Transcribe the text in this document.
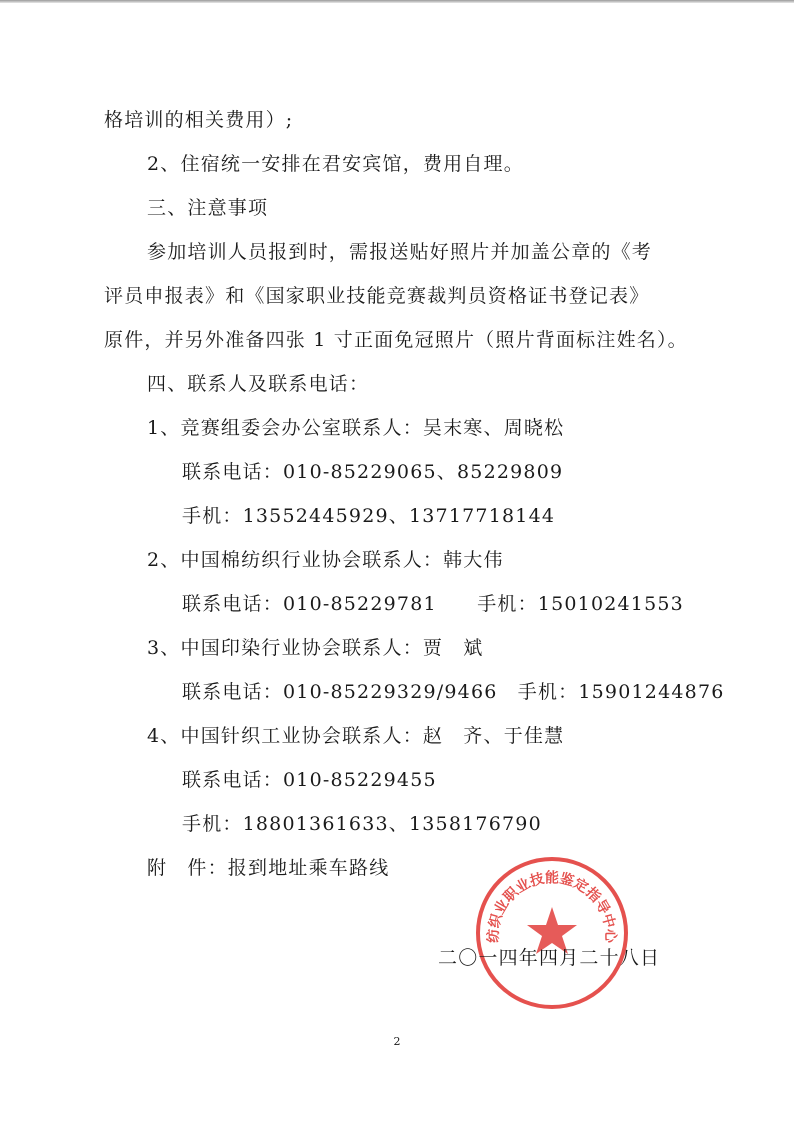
格培训的相关费用）;
2、住宿统一安排在君安宾馆，费用自理。
三、注意事项
参加培训人员报到时，需报送贴好照片并加盖公章的《考
评员申报表》和《国家职业技能竞赛裁判员资格证书登记表》
原件，并另外准备四张 1 寸正面免冠照片（照片背面标注姓名）。
四、联系人及联系电话：
1、竞赛组委会办公室联系人：吴末寒、周晓松
联系电话：010-85229065、85229809
手机：13552445929、13717718144
2、中国棉纺织行业协会联系人：韩大伟
联系电话：010-85229781　　手机：15010241553
3、中国印染行业协会联系人：贾　斌
联系电话：010-85229329/9466　手机：15901244876
4、中国针织工业协会联系人：赵　齐、于佳慧
联系电话：010-85229455
手机：18801361633、1358176790
附　件：报到地址乘车路线
纺织业职业技能鉴定指导中心
二〇一四年四月二十八日
2
